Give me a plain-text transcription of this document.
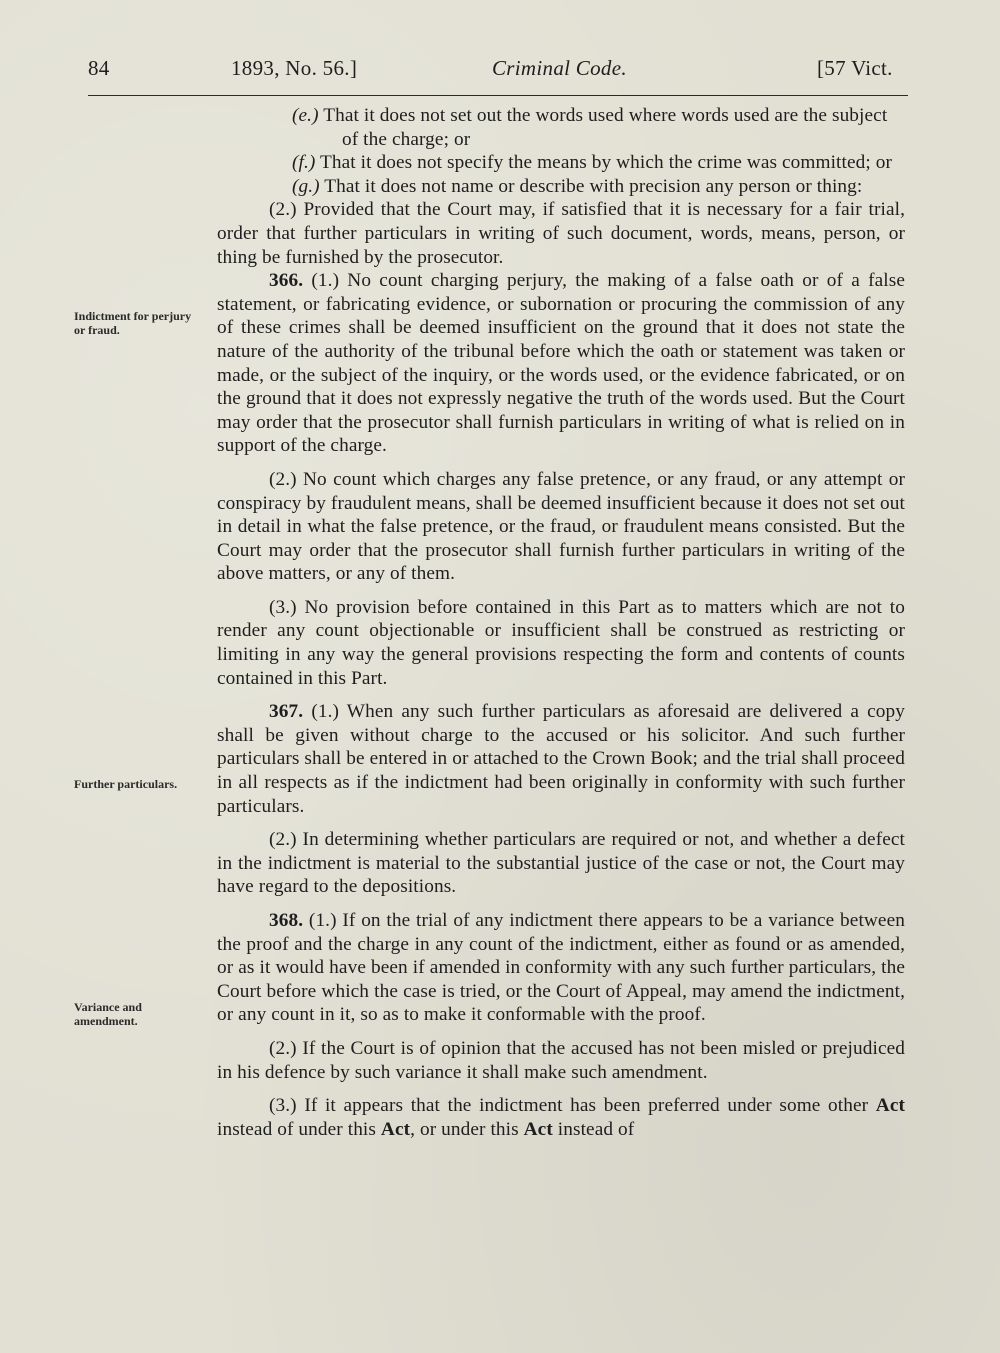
84	1893, No. 56.]	Criminal Code.	[57 Vict.
Indictment for perjury or fraud.
Further particulars.
Variance and amendment.

(e.) That it does not set out the words used where words used are the subject of the charge; or

(f.) That it does not specify the means by which the crime was committed; or

(g.) That it does not name or describe with precision any person or thing:

(2.) Provided that the Court may, if satisfied that it is necessary for a fair trial, order that further particulars in writing of such document, words, means, person, or thing be furnished by the prosecutor.

366. (1.) No count charging perjury, the making of a false oath or of a false statement, or fabricating evidence, or subornation or procuring the commission of any of these crimes shall be deemed insufficient on the ground that it does not state the nature of the authority of the tribunal before which the oath or statement was taken or made, or the subject of the inquiry, or the words used, or the evidence fabricated, or on the ground that it does not expressly negative the truth of the words used. But the Court may order that the prosecutor shall furnish particulars in writing of what is relied on in support of the charge.

(2.) No count which charges any false pretence, or any fraud, or any attempt or conspiracy by fraudulent means, shall be deemed insufficient because it does not set out in detail in what the false pretence, or the fraud, or fraudulent means consisted. But the Court may order that the prosecutor shall furnish further particulars in writing of the above matters, or any of them.

(3.) No provision before contained in this Part as to matters which are not to render any count objectionable or insufficient shall be construed as restricting or limiting in any way the general provisions respecting the form and contents of counts contained in this Part.

367. (1.) When any such further particulars as aforesaid are delivered a copy shall be given without charge to the accused or his solicitor. And such further particulars shall be entered in or attached to the Crown Book; and the trial shall proceed in all respects as if the indictment had been originally in conformity with such further particulars.

(2.) In determining whether particulars are required or not, and whether a defect in the indictment is material to the substantial justice of the case or not, the Court may have regard to the depositions.

368. (1.) If on the trial of any indictment there appears to be a variance between the proof and the charge in any count of the indictment, either as found or as amended, or as it would have been if amended in conformity with any such further particulars, the Court before which the case is tried, or the Court of Appeal, may amend the indictment, or any count in it, so as to make it conformable with the proof.

(2.) If the Court is of opinion that the accused has not been misled or prejudiced in his defence by such variance it shall make such amendment.

(3.) If it appears that the indictment has been preferred under some other Act instead of under this Act, or under this Act instead of
